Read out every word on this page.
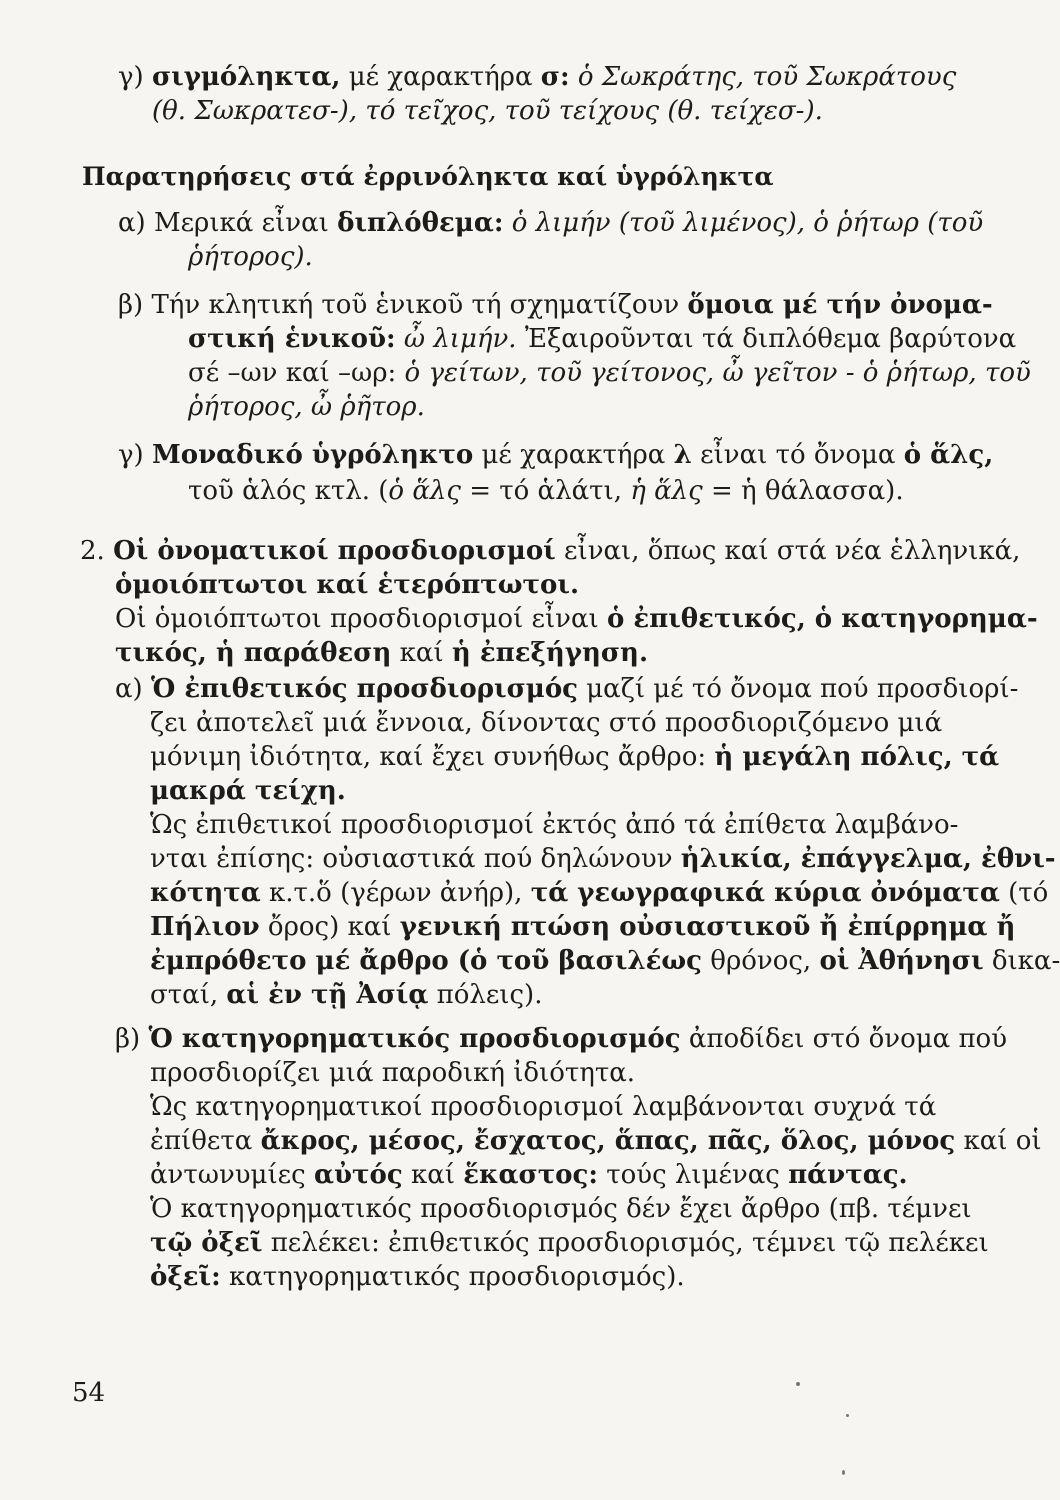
γ) σιγμόληκτα, μέ χαρακτήρα σ: ὁ Σωκράτης, τοῦ Σωκράτους
(θ. Σωκρατεσ-), τό τεῖχος, τοῦ τείχους (θ. τείχεσ-).
Παρατηρήσεις στά ἐρρινόληκτα καί ὑγρόληκτα
α) Μερικά εἶναι διπλόθεμα: ὁ λιμήν (τοῦ λιμένος), ὁ ῥήτωρ (τοῦ
ῥήτορος).
β) Τήν κλητική τοῦ ἑνικοῦ τή σχηματίζουν ὅμοια μέ τήν ὀνομα-
στική ἑνικοῦ: ὦ λιμήν. Ἐξαιροῦνται τά διπλόθεμα βαρύτονα
σέ –ων καί –ωρ: ὁ γείτων, τοῦ γείτονος, ὦ γεῖτον - ὁ ῥήτωρ, τοῦ
ῥήτορος, ὦ ῥῆτορ.
γ) Μοναδικό ὑγρόληκτο μέ χαρακτήρα λ εἶναι τό ὄνομα ὁ ἅλς,
τοῦ ἁλός κτλ. (ὁ ἅλς = τό ἁλάτι, ἡ ἅλς = ἡ θάλασσα).
2. Οἱ ὀνοματικοί προσδιορισμοί εἶναι, ὅπως καί στά νέα ἑλληνικά,
ὁμοιόπτωτοι καί ἑτερόπτωτοι.
Οἱ ὁμοιόπτωτοι προσδιορισμοί εἶναι ὁ ἐπιθετικός, ὁ κατηγορημα-
τικός, ἡ παράθεση καί ἡ ἐπεξήγηση.
α) Ὁ ἐπιθετικός προσδιορισμός μαζί μέ τό ὄνομα πού προσδιορί-
ζει ἀποτελεῖ μιά ἔννοια, δίνοντας στό προσδιοριζόμενο μιά
μόνιμη ἰδιότητα, καί ἔχει συνήθως ἄρθρο: ἡ μεγάλη πόλις, τά
μακρά τείχη.
Ὡς ἐπιθετικοί προσδιορισμοί ἐκτός ἀπό τά ἐπίθετα λαμβάνο-
νται ἐπίσης: οὐσιαστικά πού δηλώνουν ἡλικία, ἐπάγγελμα, ἐθνι-
κότητα κ.τ.ὅ (γέρων ἀνήρ), τά γεωγραφικά κύρια ὀνόματα (τό
Πήλιον ὄρος) καί γενική πτώση οὐσιαστικοῦ ἤ ἐπίρρημα ἤ
ἐμπρόθετο μέ ἄρθρο (ὁ τοῦ βασιλέως θρόνος, οἱ Ἀθήνησι δικα-
σταί, αἱ ἐν τῇ Ἀσίᾳ πόλεις).
β) Ὁ κατηγορηματικός προσδιορισμός ἀποδίδει στό ὄνομα πού
προσδιορίζει μιά παροδική ἰδιότητα.
Ὡς κατηγορηματικοί προσδιορισμοί λαμβάνονται συχνά τά
ἐπίθετα ἄκρος, μέσος, ἔσχατος, ἅπας, πᾶς, ὅλος, μόνος καί οἱ
ἀντωνυμίες αὐτός καί ἕκαστος: τούς λιμένας πάντας.
Ὁ κατηγορηματικός προσδιορισμός δέν ἔχει ἄρθρο (πβ. τέμνει
τῷ ὀξεῖ πελέκει: ἐπιθετικός προσδιορισμός, τέμνει τῷ πελέκει
ὀξεῖ: κατηγορηματικός προσδιορισμός).
54
